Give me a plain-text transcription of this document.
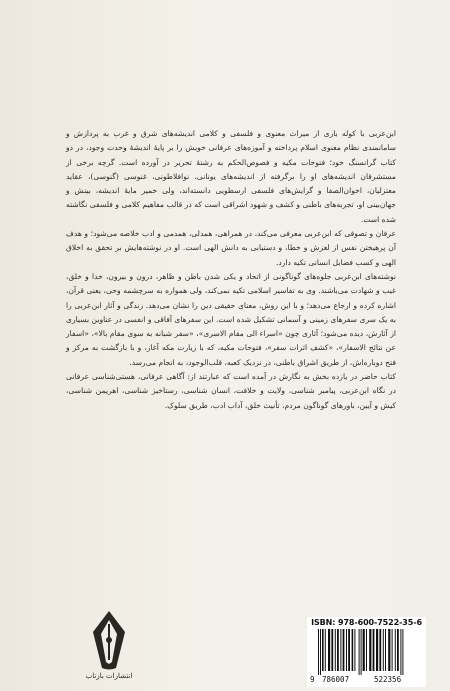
ابن‌عربی با کوله باری از میراث معنوی و فلسفی و کلامی اندیشه‌های شرق و غرب به پردازش و سامانمندی نظام معنوی اسلام پرداخته و آموزه‌های عرفانی خویش را بر پایهٔ اندیشهٔ وحدت وجود، در دو کتاب گرانسنگ خود؛ فتوحات مکیه و فصوص‌الحکم به رشتهٔ تحریر در آورده است. گرچه برخی از مستشرقان اندیشه‌های او را برگرفته از اندیشه‌های یونانی، نوافلاطونی، غنوسی (گنوسی)، عقاید معتزلیان، اخوان‌الصفا و گرایش‌های فلسفی ارسطویی دانسته‌اند، ولی خمیر مایهٔ اندیشه، بینش و جهان‌بینی او، تجربه‌های باطنی و کشف و شهود اشراقی است که در قالب مفاهیم کلامی و فلسفی نگاشته شده است.

عرفان و تصوفی که ابن‌عربی معرفی می‌کند، در همراهی، همدلی، همدمی و ادب خلاصه می‌شود؛ و هدف آن پرهیختن نفس از لغزش و خطا، و دستیابی به دانش الهی است. او در نوشته‌هایش بر تحقق به اخلاق الهی و کسب فضایل انسانی تکیه دارد.

نوشته‌های ابن‌عربی جلوه‌های گوناگونی از اتحاد و یکی شدن باطن و ظاهر، درون و بیرون، خدا و خلق، غیب و شهادت می‌باشند. وی به تفاسیر اسلامی تکیه نمی‌کند، ولی همواره به سرچشمه وحی، یعنی قرآن، اشاره کرده و ارجاع می‌دهد؛ و با این روش، معنای حقیقی دین را نشان می‌دهد. زندگی و آثار ابن‌عربی را به یک سری سفرهای زمینی و آسمانی تشکیل شده است. این سفرهای آفاقی و انفسی در عناوین بسیاری از آثارش، دیده می‌شود؛ آثاری چون «اسراء الی مقام الاسری»، «سفر شبانه به سوی مقام بالا»، «اسفار عن نتائج الاسفار»، «کشف اثرات سفر»، فتوحات مکیه، که با زیارت مکه آغاز، و با بازگشت به مرکز و فتح دوباره‌اش، از طریق اشراق باطنی، در نزدیک کعبه، قلب‌الوجود، به انجام می‌رسد.

کتاب حاضر در یازده بخش به نگارش در آمده است که عبارتند از: آگاهی عرفانی، هستی‌شناسی عرفانی در نگاه ابن‌عربی، پیامبر شناسی، ولایت و خلافت، انسان شناسی، رستاخیز شناسی، اهریمن شناسی، کیش و آیین، باورهای گوناگون مردم، تأنیث خلق، آداب ادب، طریق سلوک.

انتشارات بازتاب
ISBN: 978-600-7522-35-6
9 786007	522356
